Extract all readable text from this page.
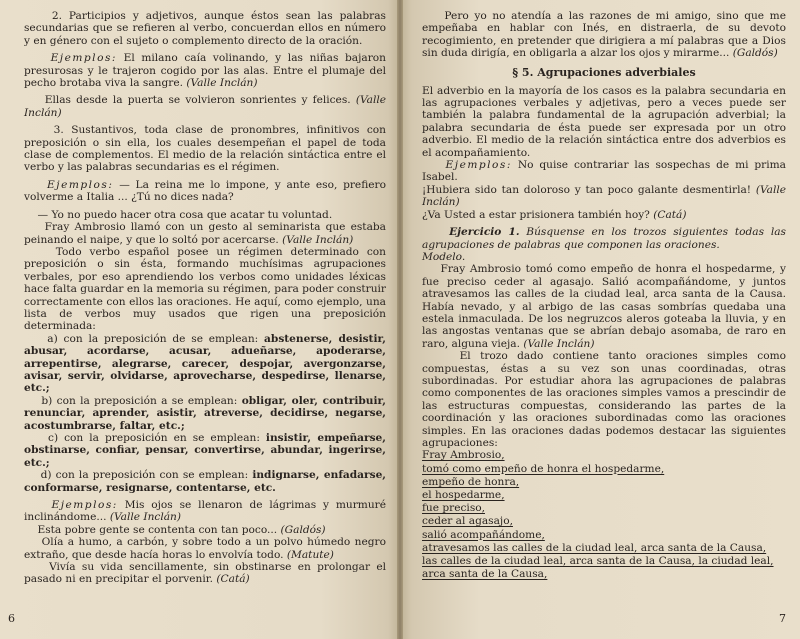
2. Participios y adjetivos, aunque éstos sean las palabras secundarias que se refieren al verbo, concuerdan ellos en número y en género con el sujeto o complemento directo de la oración.

Ejemplos: El milano caía volinando, y las niñas bajaron presurosas y le trajeron cogido por las alas. Entre el plumaje del pecho brotaba viva la sangre. (Valle Inclán)

Ellas desde la puerta se volvieron sonrientes y felices. (Valle Inclán)

3. Sustantivos, toda clase de pronombres, infinitivos con preposición o sin ella, los cuales desempeñan el papel de toda clase de complementos. El medio de la relación sintáctica entre el verbo y las palabras secundarias es el régimen.

Ejemplos: — La reina me lo impone, y ante eso, prefiero volverme a Italia ... ¿Tú no dices nada?

— Yo no puedo hacer otra cosa que acatar tu voluntad.

Fray Ambrosio llamó con un gesto al seminarista que estaba peinando el naipe, y que lo soltó por acercarse. (Valle Inclán)

Todo verbo español posee un régimen determinado con preposición o sin ésta, formando muchísimas agrupaciones verbales, por eso aprendiendo los verbos como unidades léxicas hace falta guardar en la memoria su régimen, para poder construir correctamente con ellos las oraciones. He aquí, como ejemplo, una lista de verbos muy usados que rigen una preposición determinada:

a) con la preposición de se emplean: abstenerse, desistir, abusar, acordarse, acusar, adueñarse, apoderarse, arrepentirse, alegrarse, carecer, despojar, avergonzarse, avisar, servir, olvidarse, aprovecharse, despedirse, llenarse, etc.;

b) con la preposición a se emplean: obligar, oler, contribuir, renunciar, aprender, asistir, atreverse, decidirse, negarse, acostumbrarse, faltar, etc.;

c) con la preposición en se emplean: insistir, empeñarse, obstinarse, confiar, pensar, convertirse, abundar, ingerirse, etc.;

d) con la preposición con se emplean: indignarse, enfadarse, conformarse, resignarse, contentarse, etc.

Ejemplos: Mis ojos se llenaron de lágrimas y murmuré inclinándome... (Valle Inclán)

Esta pobre gente se contenta con tan poco... (Galdós)

Olía a humo, a carbón, y sobre todo a un polvo húmedo negro extraño, que desde hacía horas lo envolvía todo. (Matute)

Vivía su vida sencillamente, sin obstinarse en prolongar el pasado ni en precipitar el porvenir. (Catá)

6

Pero yo no atendía a las razones de mi amigo, sino que me empeñaba en hablar con Inés, en distraerla, de su devoto recogimiento, en pretender que dirigiera a mí palabras que a Dios sin duda dirigía, en obligarla a alzar los ojos y mirarme... (Galdós)

§ 5. Agrupaciones adverbiales

El adverbio en la mayoría de los casos es la palabra secundaria en las agrupaciones verbales y adjetivas, pero a veces puede ser también la palabra fundamental de la agrupación adverbial; la palabra secundaria de ésta puede ser expresada por un otro adverbio. El medio de la relación sintáctica entre dos adverbios es el acompañamiento.

Ejemplos: No quise contrariar las sospechas de mi prima Isabel.

¡Hubiera sido tan doloroso y tan poco galante desmentirla! (Valle Inclán)

¿Va Usted a estar prisionera también hoy? (Catá)

Ejercicio 1. Búsquense en los trozos siguientes todas las agrupaciones de palabras que componen las oraciones.

Modelo.

Fray Ambrosio tomó como empeño de honra el hospedarme, y fue preciso ceder al agasajo. Salió acompañándome, y juntos atravesamos las calles de la ciudad leal, arca santa de la Causa. Había nevado, y al arbigo de las casas sombrías quedaba una estela inmaculada. De los negruzcos aleros goteaba la lluvia, y en las angostas ventanas que se abrían debajo asomaba, de raro en raro, alguna vieja. (Valle Inclán)

El trozo dado contiene tanto oraciones simples como compuestas, éstas a su vez son unas coordinadas, otras subordinadas. Por estudiar ahora las agrupaciones de palabras como componentes de las oraciones simples vamos a prescindir de las estructuras compuestas, considerando las partes de la coordinación y las oraciones subordinadas como las oraciones simples. En las oraciones dadas podemos destacar las siguientes agrupaciones:

Fray Ambrosio,
tomó como empeño de honra el hospedarme,
empeño de honra,
el hospedarme,
fue preciso,
ceder al agasajo,
salió acompañándome,
atravesamos las calles de la ciudad leal, arca santa de la Causa,
las calles de la ciudad leal, arca santa de la Causa, la ciudad leal,
arca santa de la Causa,
7
